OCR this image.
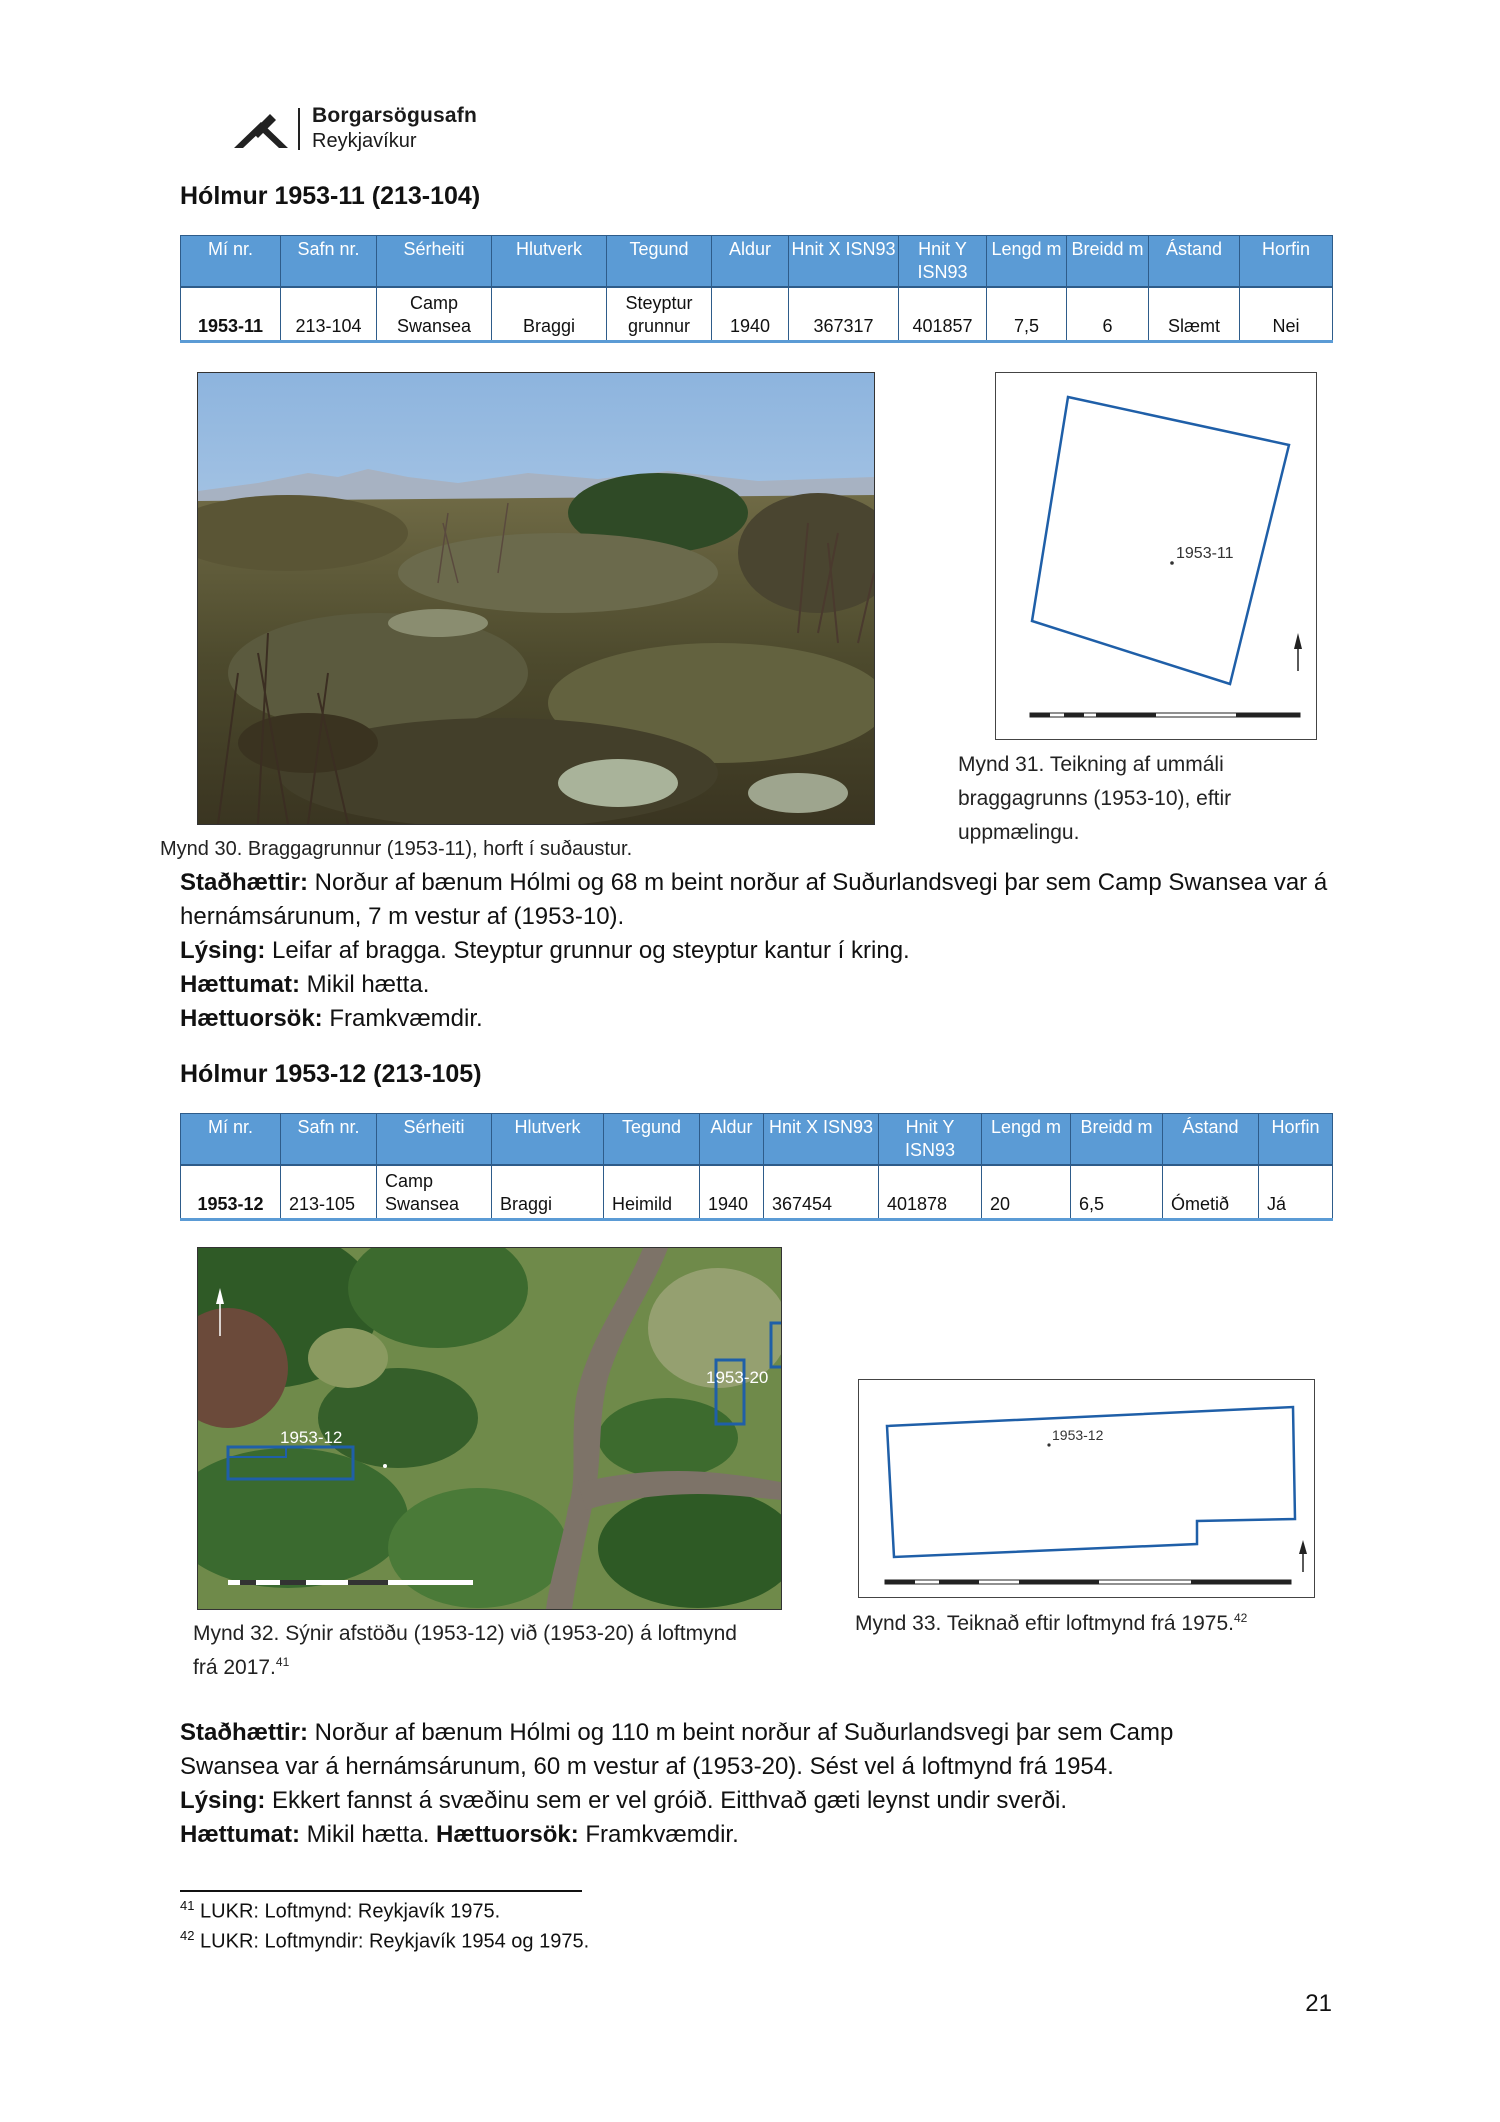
Borgarsögusafn
Reykjavíkur
Hólmur 1953-11 (213-104)
Mí nr.	Safn nr.	Sérheiti	Hlutverk	Tegund	Aldur	Hnit X ISN93	Hnit Y ISN93	Lengd m	Breidd m	Ástand	Horfin
1953-11	213-104	Camp Swansea	Braggi	Steyptur grunnur	1940	367317	401857	7,5	6	Slæmt	Nei
1953-11
Mynd 31. Teikning af ummáli braggagrunns (1953-10), eftir uppmælingu.
Mynd 30. Braggagrunnur (1953-11), horft í suðaustur.

Staðhættir: Norður af bænum Hólmi og 68 m beint norður af Suðurlandsvegi þar sem Camp Swansea var á hernámsárunum, 7 m vestur af (1953-10).

Lýsing: Leifar af bragga. Steyptur grunnur og steyptur kantur í kring.

Hættumat: Mikil hætta.

Hættuorsök: Framkvæmdir.

Hólmur 1953-12 (213-105)
Mí nr.	Safn nr.	Sérheiti	Hlutverk	Tegund	Aldur	Hnit X ISN93	Hnit Y ISN93	Lengd m	Breidd m	Ástand	Horfin
1953-12	213-105	Camp Swansea	Braggi	Heimild	1940	367454	401878	20	6,5	Ómetið	Já
1953-12
1953-20
1953-12
Mynd 32. Sýnir afstöðu (1953-12) við (1953-20) á loftmynd frá 2017.41
Mynd 33. Teiknað eftir loftmynd frá 1975.42

Staðhættir: Norður af bænum Hólmi og 110 m beint norður af Suðurlandsvegi þar sem Camp Swansea var á hernámsárunum, 60 m vestur af (1953-20). Sést vel á loftmynd frá 1954.

Lýsing: Ekkert fannst á svæðinu sem er vel gróið. Eitthvað gæti leynst undir sverði.

Hættumat: Mikil hætta. Hættuorsök: Framkvæmdir.

$^{41}$ LUKR: Loftmynd: Reykjavík 1975.
$^{42}$ LUKR: Loftmyndir: Reykjavík 1954 og 1975.
21
